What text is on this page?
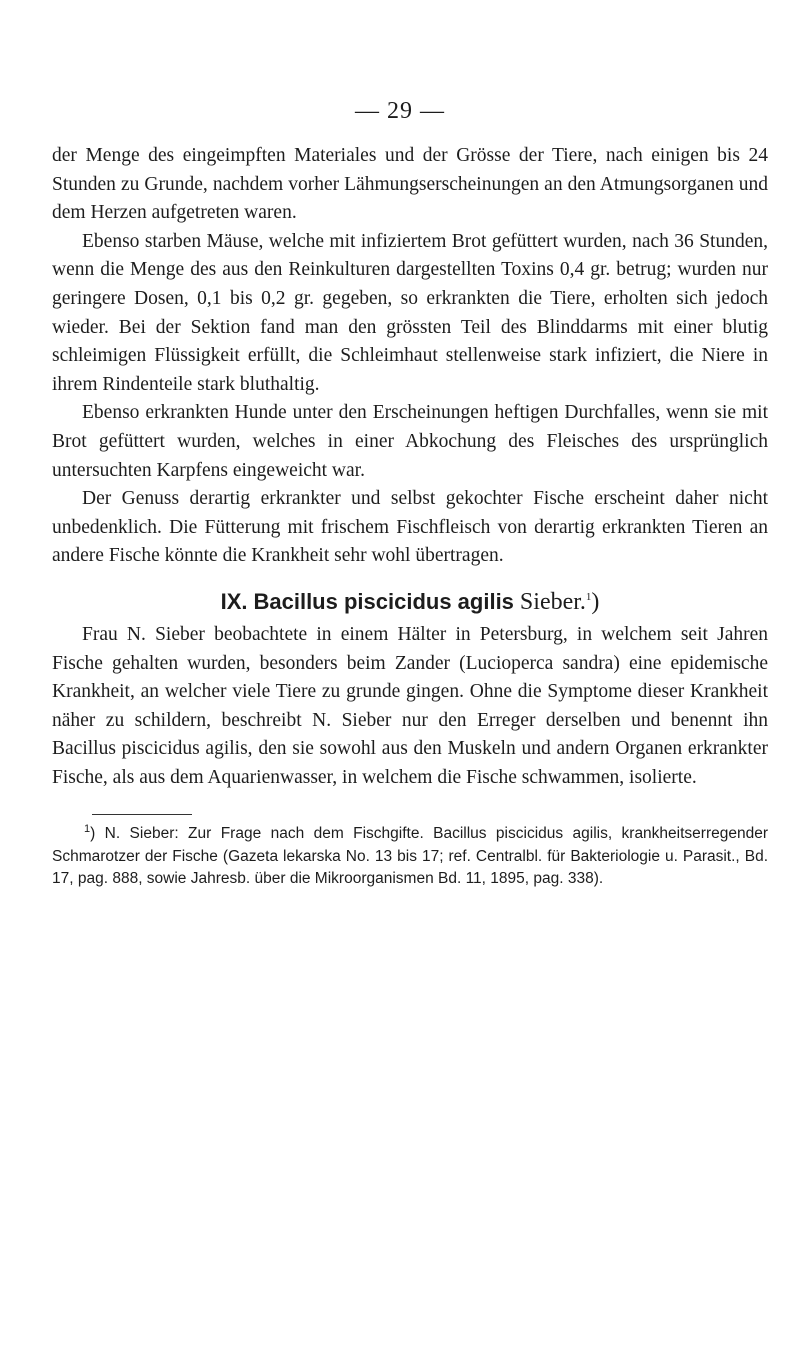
— 29 —

der Menge des eingeimpften Materiales und der Grösse der Tiere, nach einigen bis 24 Stunden zu Grunde, nachdem vorher Lähmungserscheinungen an den Atmungsorganen und dem Herzen aufgetreten waren.

Ebenso starben Mäuse, welche mit infiziertem Brot gefüttert wurden, nach 36 Stunden, wenn die Menge des aus den Reinkulturen dargestellten Toxins 0,4 gr. betrug; wurden nur geringere Dosen, 0,1 bis 0,2 gr. gegeben, so erkrankten die Tiere, erholten sich jedoch wieder. Bei der Sektion fand man den grössten Teil des Blinddarms mit einer blutig schleimigen Flüssigkeit erfüllt, die Schleimhaut stellenweise stark infiziert, die Niere in ihrem Rindenteile stark bluthaltig.

Ebenso erkrankten Hunde unter den Erscheinungen heftigen Durchfalles, wenn sie mit Brot gefüttert wurden, welches in einer Abkochung des Fleisches des ursprünglich untersuchten Karpfens eingeweicht war.

Der Genuss derartig erkrankter und selbst gekochter Fische erscheint daher nicht unbedenklich. Die Fütterung mit frischem Fischfleisch von derartig erkrankten Tieren an andere Fische könnte die Krankheit sehr wohl übertragen.

IX. Bacillus piscicidus agilis Sieber.$^1$)

Frau N. Sieber beobachtete in einem Hälter in Petersburg, in welchem seit Jahren Fische gehalten wurden, besonders beim Zander (Lucioperca sandra) eine epidemische Krankheit, an welcher viele Tiere zu grunde gingen. Ohne die Symptome dieser Krankheit näher zu schildern, beschreibt N. Sieber nur den Erreger derselben und benennt ihn Bacillus piscicidus agilis, den sie sowohl aus den Muskeln und andern Organen erkrankter Fische, als aus dem Aquarienwasser, in welchem die Fische schwammen, isolierte.

$^1$) N. Sieber: Zur Frage nach dem Fischgifte. Bacillus piscicidus agilis, krankheitserregender Schmarotzer der Fische (Gazeta lekarska No. 13 bis 17; ref. Centralbl. für Bakteriologie u. Parasit., Bd. 17, pag. 888, sowie Jahresb. über die Mikroorganismen Bd. 11, 1895, pag. 338).
